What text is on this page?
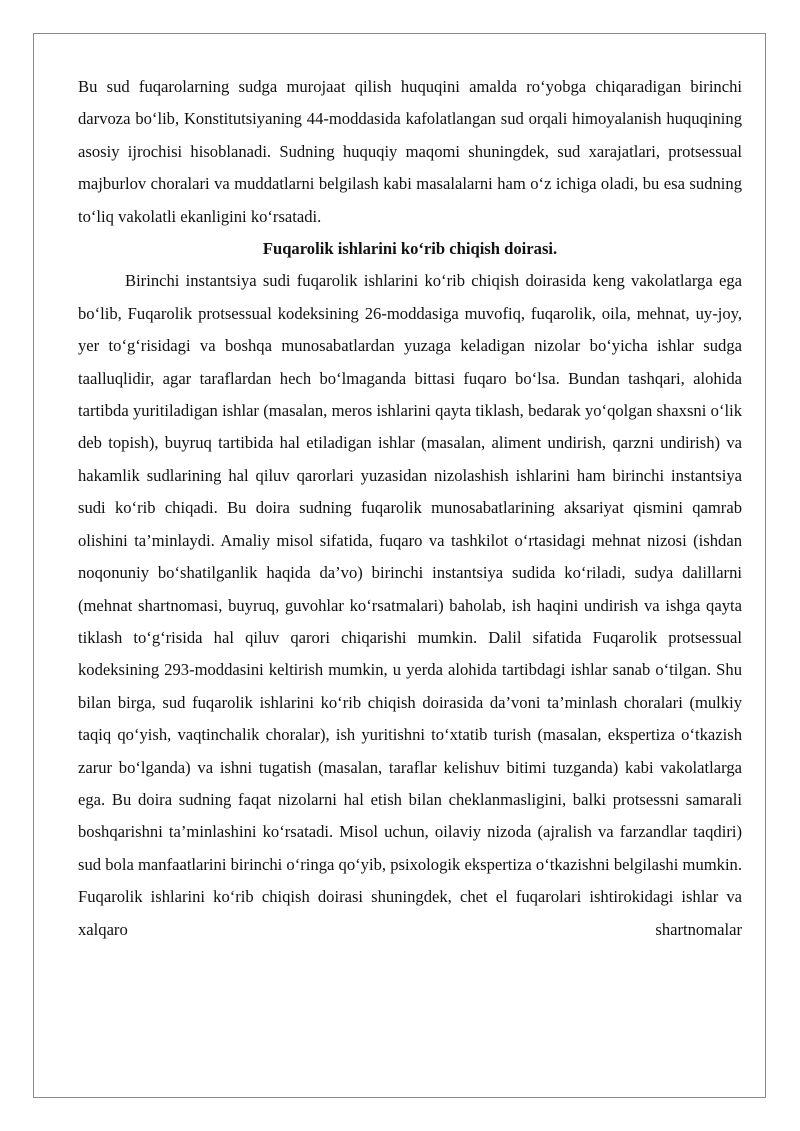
Bu sud fuqarolarning sudga murojaat qilish huquqini amalda ro‘yobga chiqaradigan birinchi darvoza bo‘lib, Konstitutsiyaning 44-moddasida kafolatlangan sud orqali himoyalanish huquqining asosiy ijrochisi hisoblanadi. Sudning huquqiy maqomi shuningdek, sud xarajatlari, protsessual majburlov choralari va muddatlarni belgilash kabi masalalarni ham o‘z ichiga oladi, bu esa sudning to‘liq vakolatli ekanligini ko‘rsatadi.

Fuqarolik ishlarini ko‘rib chiqish doirasi.

Birinchi instantsiya sudi fuqarolik ishlarini ko‘rib chiqish doirasida keng vakolatlarga ega bo‘lib, Fuqarolik protsessual kodeksining 26-moddasiga muvofiq, fuqarolik, oila, mehnat, uy-joy, yer to‘g‘risidagi va boshqa munosabatlardan yuzaga keladigan nizolar bo‘yicha ishlar sudga taalluqlidir, agar taraflardan hech bo‘lmaganda bittasi fuqaro bo‘lsa. Bundan tashqari, alohida tartibda yuritiladigan ishlar (masalan, meros ishlarini qayta tiklash, bedarak yo‘qolgan shaxsni o‘lik deb topish), buyruq tartibida hal etiladigan ishlar (masalan, aliment undirish, qarzni undirish) va hakamlik sudlarining hal qiluv qarorlari yuzasidan nizolashish ishlarini ham birinchi instantsiya sudi ko‘rib chiqadi. Bu doira sudning fuqarolik munosabatlarining aksariyat qismini qamrab olishini ta’minlaydi. Amaliy misol sifatida, fuqaro va tashkilot o‘rtasidagi mehnat nizosi (ishdan noqonuniy bo‘shatilganlik haqida da’vo) birinchi instantsiya sudida ko‘riladi, sudya dalillarni (mehnat shartnomasi, buyruq, guvohlar ko‘rsatmalari) baholab, ish haqini undirish va ishga qayta tiklash to‘g‘risida hal qiluv qarori chiqarishi mumkin. Dalil sifatida Fuqarolik protsessual kodeksining 293-moddasini keltirish mumkin, u yerda alohida tartibdagi ishlar sanab o‘tilgan. Shu bilan birga, sud fuqarolik ishlarini ko‘rib chiqish doirasida da’voni ta’minlash choralari (mulkiy taqiq qo‘yish, vaqtinchalik choralar), ish yuritishni to‘xtatib turish (masalan, ekspertiza o‘tkazish zarur bo‘lganda) va ishni tugatish (masalan, taraflar kelishuv bitimi tuzganda) kabi vakolatlarga ega. Bu doira sudning faqat nizolarni hal etish bilan cheklanmasligini, balki protsessni samarali boshqarishni ta’minlashini ko‘rsatadi. Misol uchun, oilaviy nizoda (ajralish va farzandlar taqdiri) sud bola manfaatlarini birinchi o‘ringa qo‘yib, psixologik ekspertiza o‘tkazishni belgilashi mumkin. Fuqarolik ishlarini ko‘rib chiqish doirasi shuningdek, chet el fuqarolari ishtirokidagi ishlar va xalqaro shartnomalar
